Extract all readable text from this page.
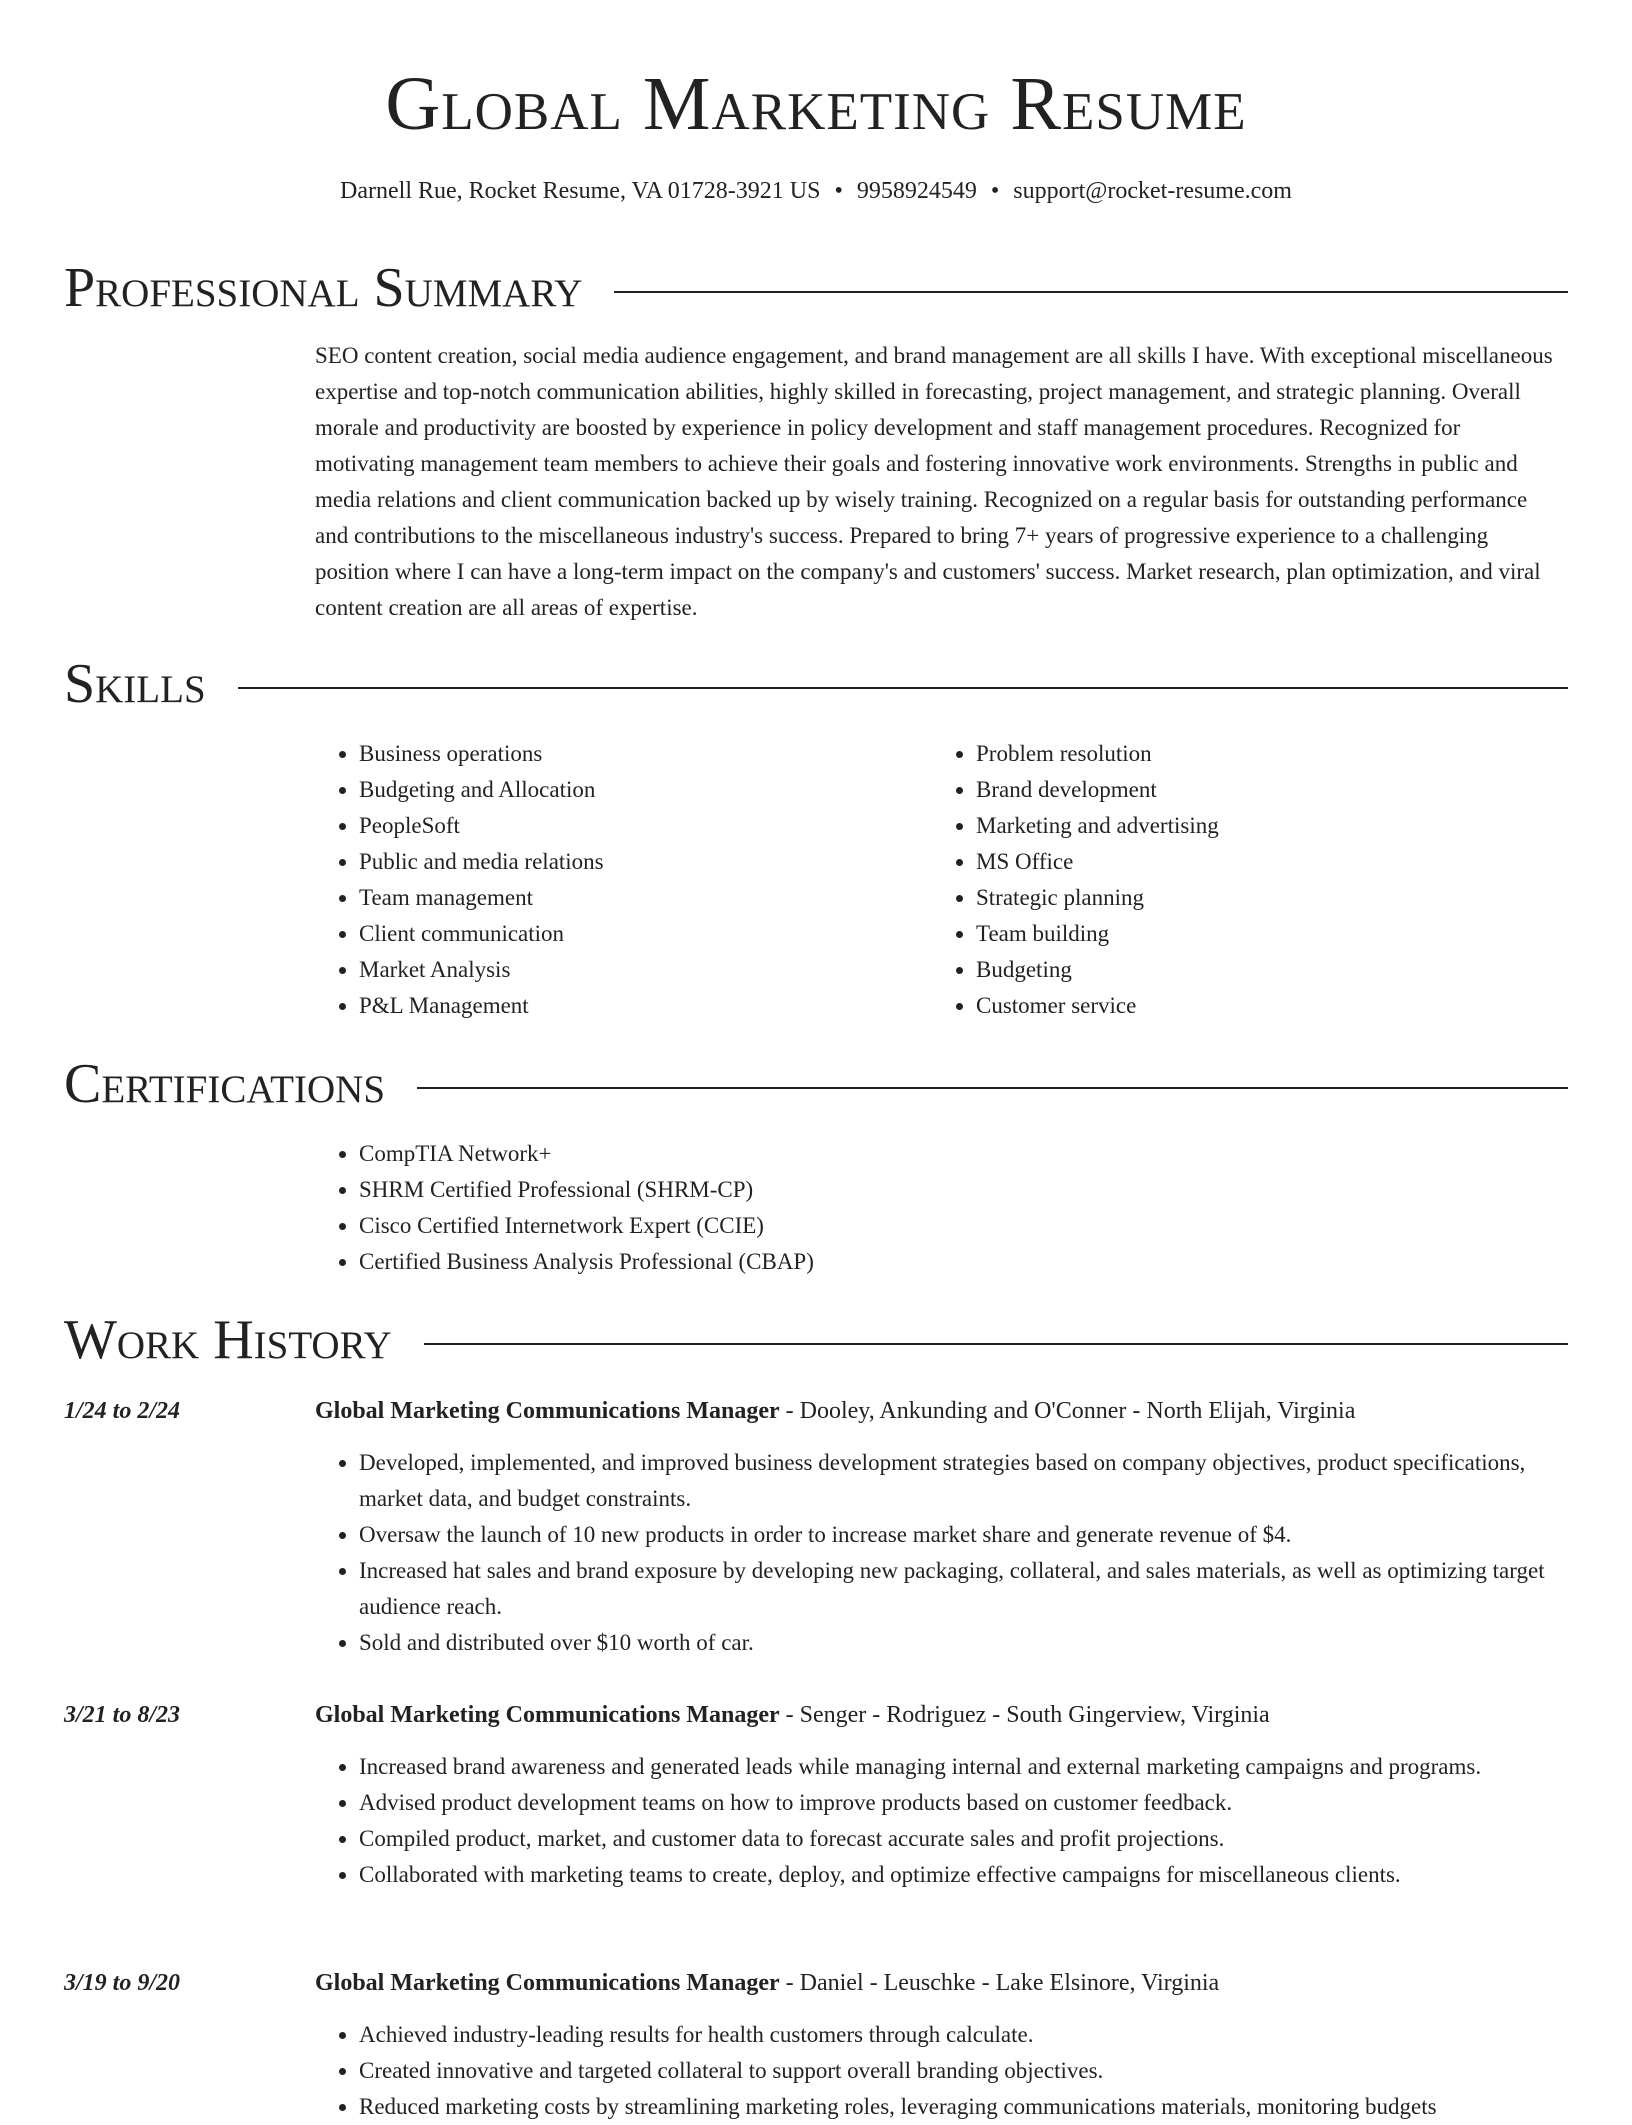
Global Marketing Resume
Darnell Rue, Rocket Resume, VA 01728-3921 US • 9958924549 • support@rocket-resume.com
Professional Summary
SEO content creation, social media audience engagement, and brand management are all skills I have. With exceptional miscellaneous expertise and top-notch communication abilities, highly skilled in forecasting, project management, and strategic planning. Overall morale and productivity are boosted by experience in policy development and staff management procedures. Recognized for motivating management team members to achieve their goals and fostering innovative work environments. Strengths in public and media relations and client communication backed up by wisely training. Recognized on a regular basis for outstanding performance and contributions to the miscellaneous industry's success. Prepared to bring 7+ years of progressive experience to a challenging position where I can have a long-term impact on the company's and customers' success. Market research, plan optimization, and viral content creation are all areas of expertise.
Skills
• Business operations
• Budgeting and Allocation
• PeopleSoft
• Public and media relations
• Team management
• Client communication
• Market Analysis
• P&L Management
• Problem resolution
• Brand development
• Marketing and advertising
• MS Office
• Strategic planning
• Team building
• Budgeting
• Customer service
Certifications
• CompTIA Network+
• SHRM Certified Professional (SHRM-CP)
• Cisco Certified Internetwork Expert (CCIE)
• Certified Business Analysis Professional (CBAP)
Work History
1/24 to 2/24	Global Marketing Communications Manager - Dooley, Ankunding and O'Conner - North Elijah, Virginia
• Developed, implemented, and improved business development strategies based on company objectives, product specifications, market data, and budget constraints.
• Oversaw the launch of 10 new products in order to increase market share and generate revenue of $4.
• Increased hat sales and brand exposure by developing new packaging, collateral, and sales materials, as well as optimizing target audience reach.
• Sold and distributed over $10 worth of car.
3/21 to 8/23	Global Marketing Communications Manager - Senger - Rodriguez - South Gingerview, Virginia
• Increased brand awareness and generated leads while managing internal and external marketing campaigns and programs.
• Advised product development teams on how to improve products based on customer feedback.
• Compiled product, market, and customer data to forecast accurate sales and profit projections.
• Collaborated with marketing teams to create, deploy, and optimize effective campaigns for miscellaneous clients.
3/19 to 9/20	Global Marketing Communications Manager - Daniel - Leuschke - Lake Elsinore, Virginia
• Achieved industry-leading results for health customers through calculate.
• Created innovative and targeted collateral to support overall branding objectives.
• Reduced marketing costs by streamlining marketing roles, leveraging communications materials, monitoring budgets
